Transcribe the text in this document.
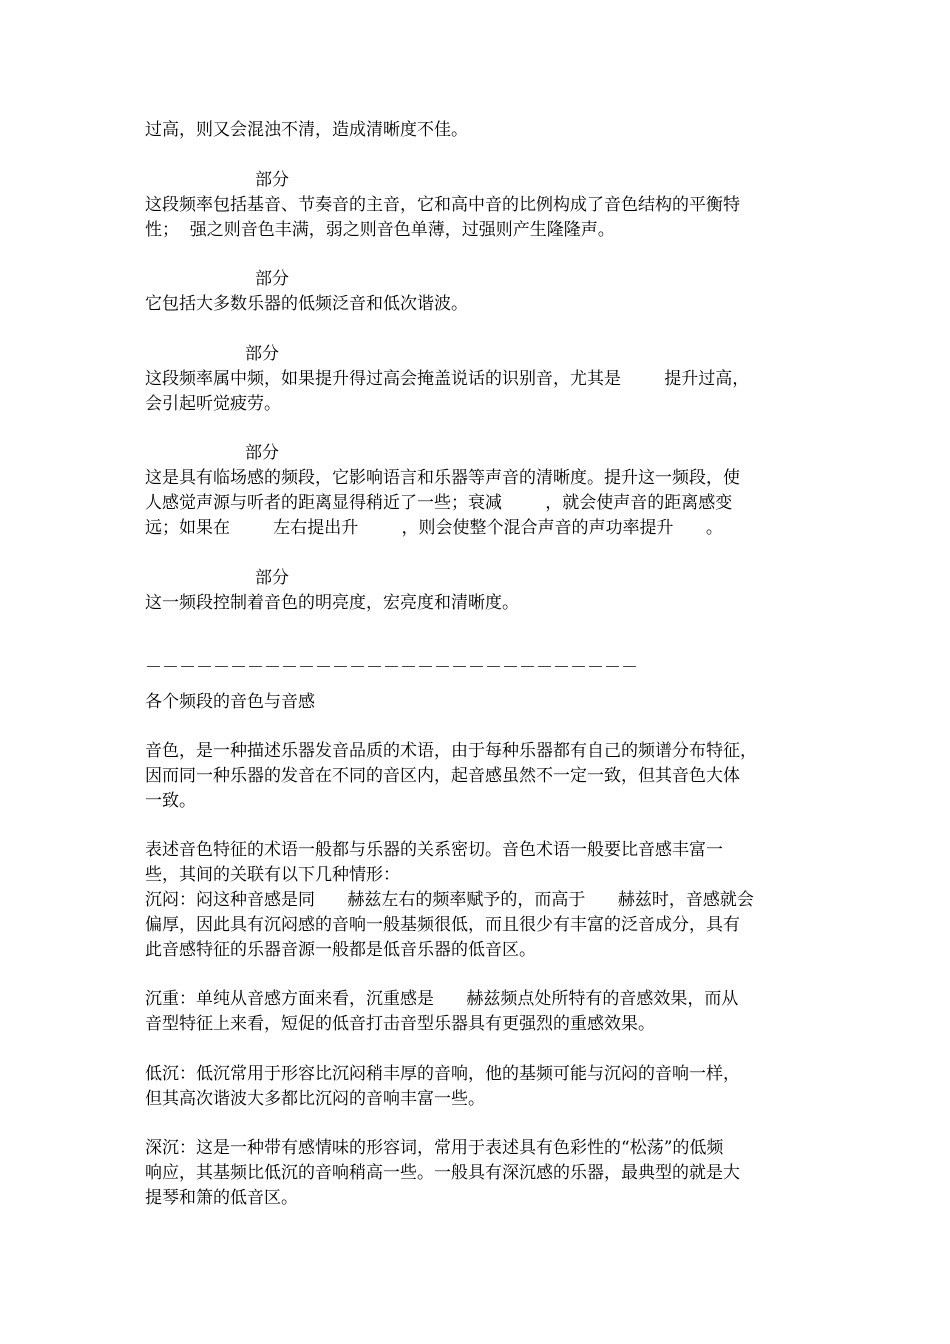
过高，则又会混浊不清，造成清晰度不佳。

部分

这段频率包括基音、节奏音的主音，它和高中音的比例构成了音色结构的平衡特

性；  强之则音色丰满，弱之则音色单薄，过强则产生隆隆声。

部分

它包括大多数乐器的低频泛音和低次谐波。

部分

这段频率属中频，如果提升得过高会掩盖说话的识别音，尤其是        提升过高，

会引起听觉疲劳。

部分

这是具有临场感的频段，它影响语言和乐器等声音的清晰度。提升这一频段，使

人感觉声源与听者的距离显得稍近了一些；衰减        ，就会使声音的距离感变

远；如果在        左右提出升        ，则会使整个混合声音的声功率提升      。

部分

这一频段控制着音色的明亮度，宏亮度和清晰度。

－－－－－－－－－－－－－－－－－－－－－－－－－－－－－

各个频段的音色与音感

音色，是一种描述乐器发音品质的术语，由于每种乐器都有自己的频谱分布特征，

因而同一种乐器的发音在不同的音区内，起音感虽然不一定一致，但其音色大体

一致。

表述音色特征的术语一般都与乐器的关系密切。音色术语一般要比音感丰富一

些，其间的关联有以下几种情形：

沉闷：闷这种音感是同      赫兹左右的频率赋予的，而高于      赫兹时，音感就会

偏厚，因此具有沉闷感的音响一般基频很低，而且很少有丰富的泛音成分，具有

此音感特征的乐器音源一般都是低音乐器的低音区。

沉重：单纯从音感方面来看，沉重感是      赫兹频点处所特有的音感效果，而从

音型特征上来看，短促的低音打击音型乐器具有更强烈的重感效果。

低沉：低沉常用于形容比沉闷稍丰厚的音响，他的基频可能与沉闷的音响一样，

但其高次谐波大多都比沉闷的音响丰富一些。

深沉：这是一种带有感情味的形容词，常用于表述具有色彩性的“松荡”的低频

响应，其基频比低沉的音响稍高一些。一般具有深沉感的乐器，最典型的就是大

提琴和箫的低音区。
